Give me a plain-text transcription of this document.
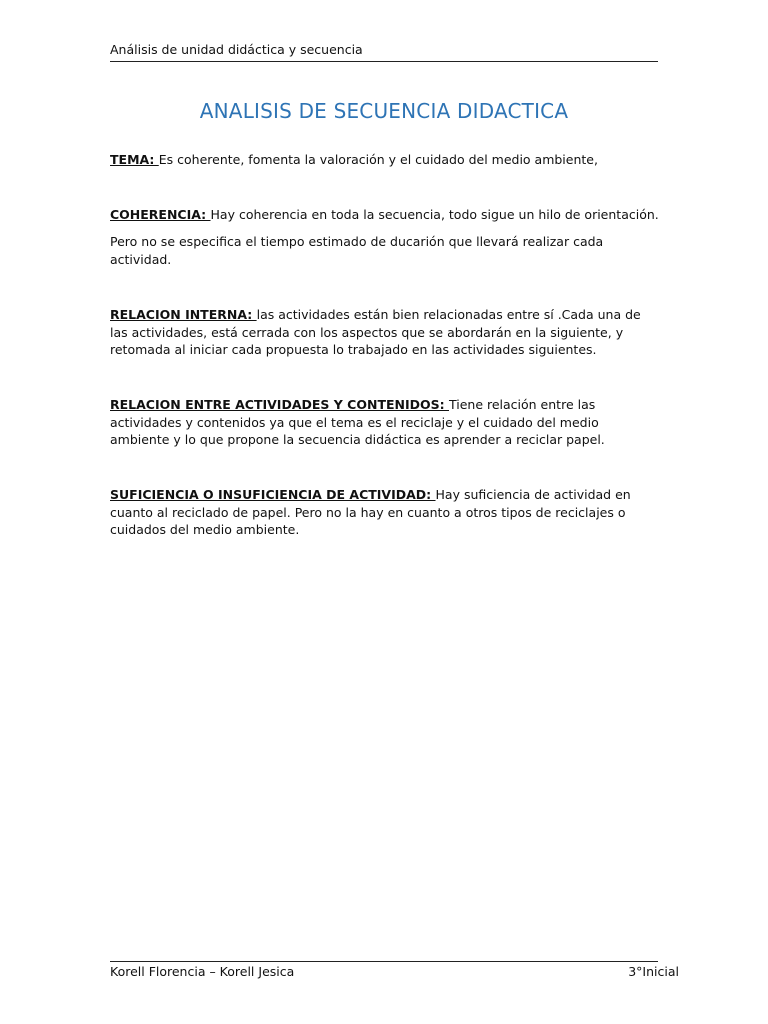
Análisis de unidad didáctica y secuencia
ANALISIS DE SECUENCIA DIDACTICA

TEMA: Es coherente, fomenta la valoración y el cuidado del medio ambiente,

COHERENCIA: Hay coherencia en toda la secuencia, todo sigue un hilo de orientación.

Pero no se especifica el tiempo estimado de ducarión que llevará realizar cada actividad.

RELACION INTERNA: las actividades están bien relacionadas entre sí .Cada una de las actividades, está cerrada con los aspectos que se abordarán en la siguiente, y retomada al iniciar cada propuesta lo trabajado en las actividades siguientes.

RELACION ENTRE ACTIVIDADES Y CONTENIDOS: Tiene relación entre las actividades y contenidos ya que el tema es el reciclaje y el cuidado del medio ambiente y lo que propone la secuencia didáctica es aprender a reciclar papel.

SUFICIENCIA O INSUFICIENCIA DE ACTIVIDAD: Hay suficiencia de actividad en cuanto al reciclado de papel. Pero no la hay en cuanto a otros tipos de reciclajes o cuidados del medio ambiente.

Korell Florencia – Korell Jesica	3°Inicial
